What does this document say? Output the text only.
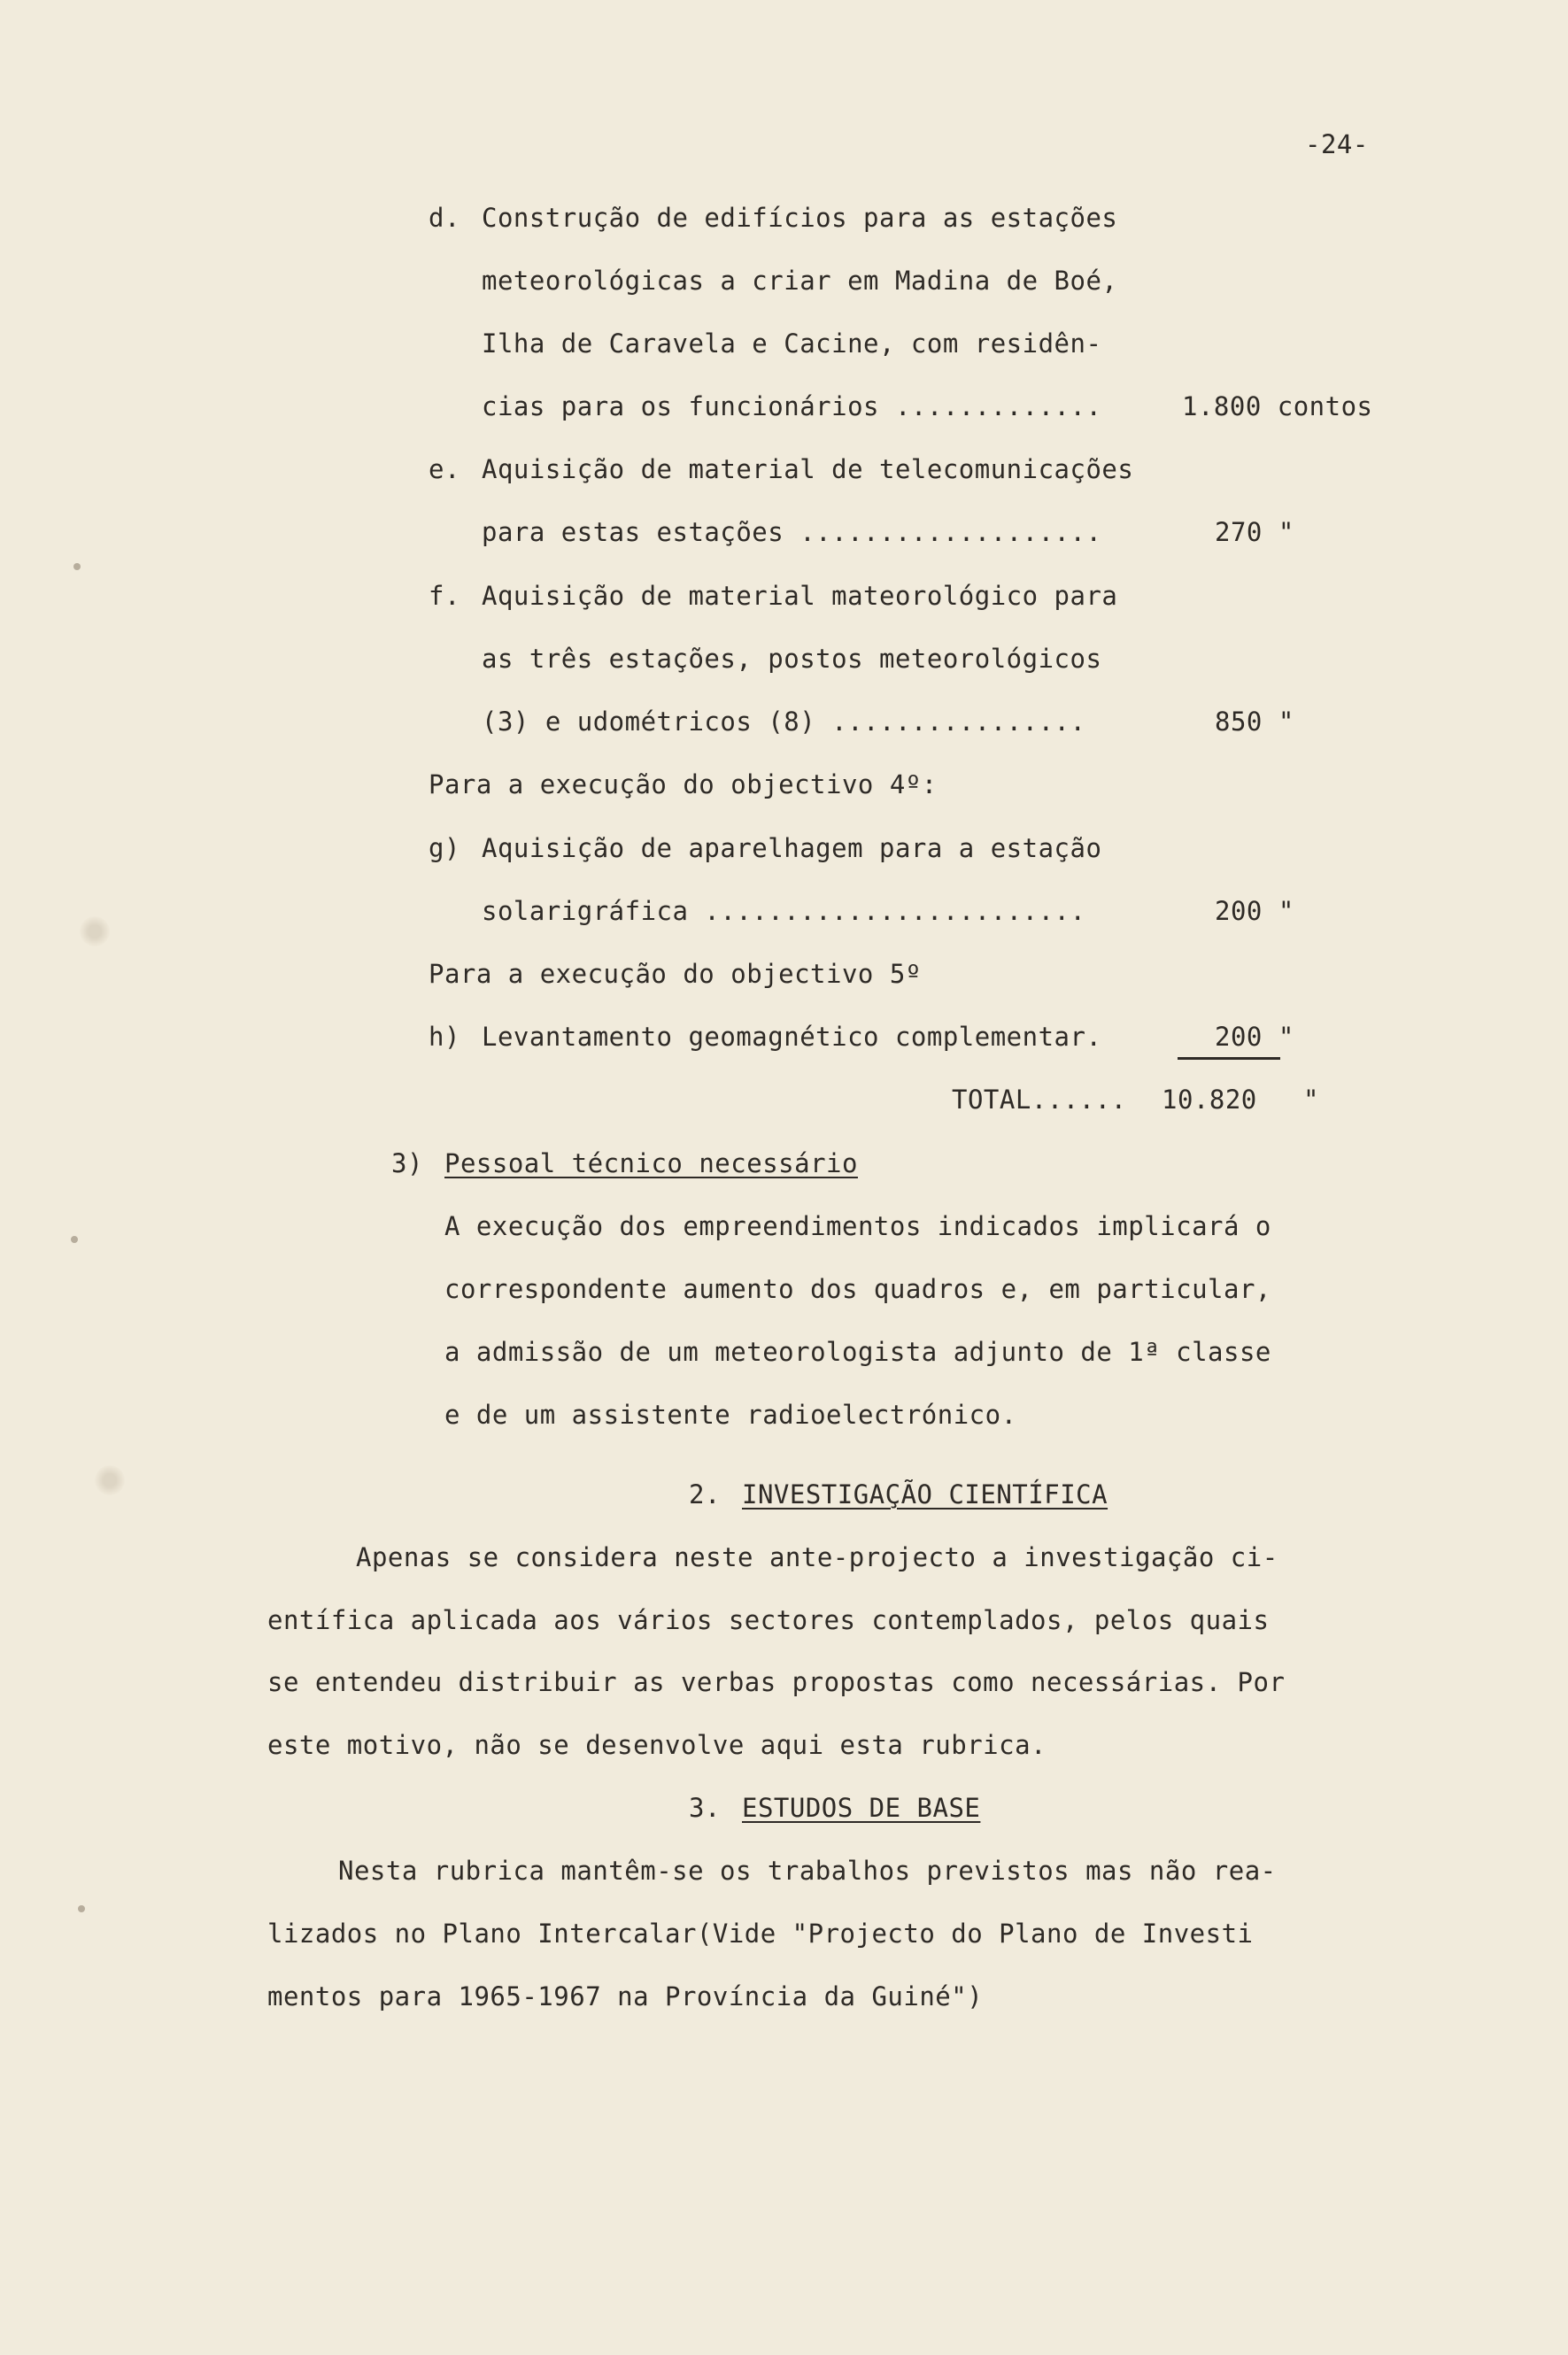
-24-
d. Construção de edifícios para as estações
meteorológicas a criar em Madina de Boé,
Ilha de Caravela e Cacine, com residên-
cias para os funcionários .............	1.800 contos
e. Aquisição de material de telecomunicações
para estas estações ...................	270 "
f. Aquisição de material mateorológico para
as três estações, postos meteorológicos
(3) e udométricos (8) ................	850 "
Para a execução do objectivo 4º:
g) Aquisição de aparelhagem para a estação
solarigráfica ........................	200 "
Para a execução do objectivo 5º
h) Levantamento geomagnético complementar.	200 "
TOTAL...... 10.820 "
3) Pessoal técnico necessário
A execução dos empreendimentos indicados implicará o
correspondente aumento dos quadros e, em particular,
a admissão de um meteorologista adjunto de 1ª classe
e de um assistente radioelectrónico.
2. INVESTIGAÇÃO CIENTÍFICA
Apenas se considera neste ante-projecto a investigação ci-
entífica aplicada aos vários sectores contemplados, pelos quais
se entendeu distribuir as verbas propostas como necessárias. Por
este motivo, não se desenvolve aqui esta rubrica.
3. ESTUDOS DE BASE
Nesta rubrica mantêm-se os trabalhos previstos mas não rea-
lizados no Plano Intercalar(Vide "Projecto do Plano de Investi
mentos para 1965-1967 na Província da Guiné")
